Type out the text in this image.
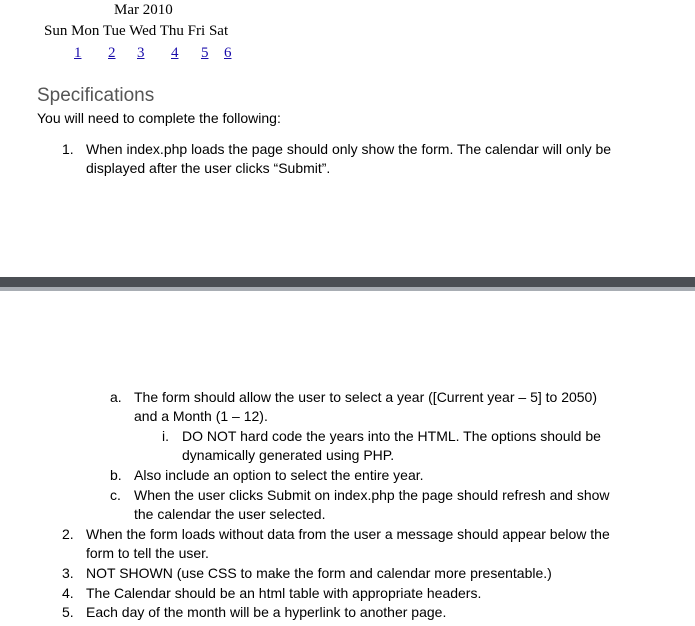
Mar 2010
Sun Mon Tue Wed Thu Fri Sat
1 2 3 4 5 6
Specifications
You will need to complete the following:
1. When index.php loads the page should only show the form. The calendar will only be
displayed after the user clicks “Submit”.
a. The form should allow the user to select a year ([Current year – 5] to 2050)
and a Month (1 – 12).
i. DO NOT hard code the years into the HTML. The options should be
dynamically generated using PHP.
b. Also include an option to select the entire year.
c. When the user clicks Submit on index.php the page should refresh and show
the calendar the user selected.
2. When the form loads without data from the user a message should appear below the
form to tell the user.
3. NOT SHOWN (use CSS to make the form and calendar more presentable.)
4. The Calendar should be an html table with appropriate headers.
5. Each day of the month will be a hyperlink to another page.
